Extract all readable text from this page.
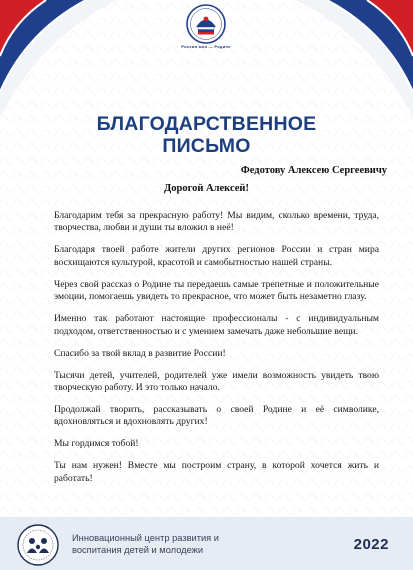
Россия моя — Родине
БЛАГОДАРСТВЕННОЕ
ПИСЬМО
Федотову Алексею Сергеевичу
Дорогой Алексей!

Благодарим тебя за прекрасную работу! Мы видим, сколько времени, труда, творчества, любви и души ты вложил в неё!

Благодаря твоей работе жители других регионов России и стран мира восхищаются культурой, красотой и самобытностью нашей страны.

Через свой рассказ о Родине ты передаешь самые трепетные и положительные эмоции, помогаешь увидеть то прекрасное, что может быть незаметно глазу.

Именно так работают настоящие профессионалы - с индивидуальным подходом, ответственностью и с умением замечать даже небольшие вещи.

Спасибо за твой вклад в развитие России!

Тысячи детей, учителей, родителей уже имели возможность увидеть твою творческую работу. И это только начало.

Продолжай творить, рассказывать о своей Родине и её символике, вдохновляться и вдохновлять других!

Мы гордимся тобой!

Ты нам нужен! Вместе мы построим страну, в которой хочется жить и работать!

Инновационный центр развития и
воспитания детей и молодежи	2022
